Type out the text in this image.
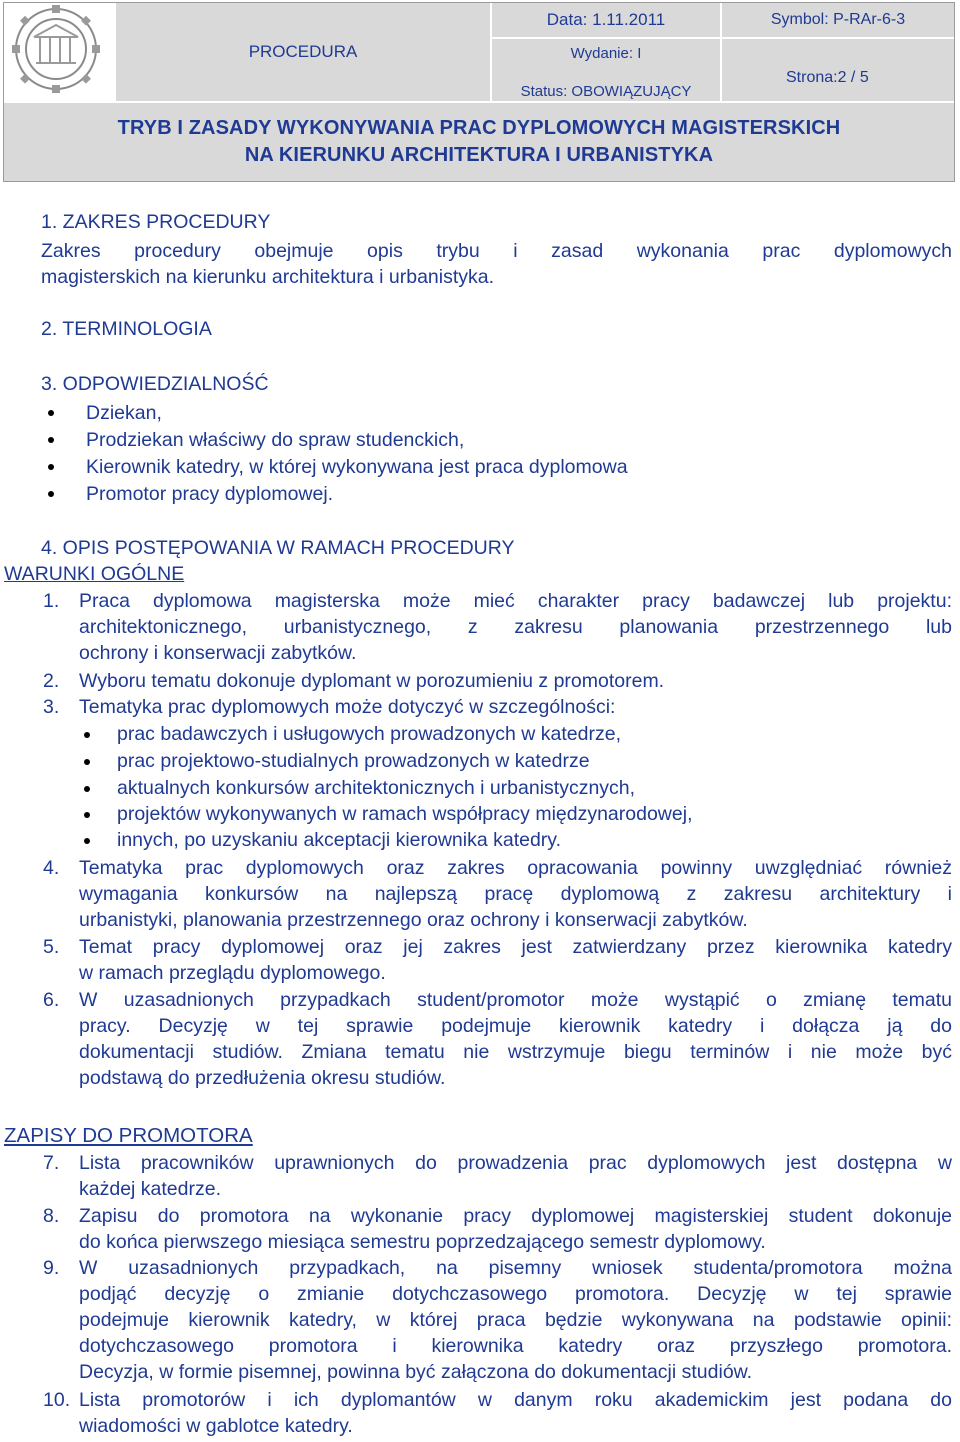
PROCEDURA
Data: 1.11.2011	Symbol: P-RAr-6-3
Wydanie: I
Status: OBOWIĄZUJĄCY
Strona:2 / 5
TRYB I ZASADY WYKONYWANIA PRAC DYPLOMOWYCH MAGISTERSKICH
NA KIERUNKU ARCHITEKTURA I URBANISTYKA
1. ZAKRES PROCEDURY
Zakres procedury obejmuje opis trybu i zasad wykonania prac dyplomowych
magisterskich na kierunku architektura i urbanistyka.
2. TERMINOLOGIA
3. ODPOWIEDZIALNOŚĆ
Dziekan,
Prodziekan właściwy do spraw studenckich,
Kierownik katedry, w której wykonywana jest praca dyplomowa
Promotor pracy dyplomowej.
4. OPIS POSTĘPOWANIA W RAMACH PROCEDURY
WARUNKI OGÓLNE
1. Praca dyplomowa magisterska może mieć charakter pracy badawczej lub projektu:
architektonicznego, urbanistycznego, z zakresu planowania przestrzennego lub
ochrony i konserwacji zabytków.
2. Wyboru tematu dokonuje dyplomant w porozumieniu z promotorem.
3. Tematyka prac dyplomowych może dotyczyć w szczególności:
prac badawczych i usługowych prowadzonych w katedrze,
prac projektowo-studialnych prowadzonych w katedrze
aktualnych konkursów architektonicznych i urbanistycznych,
projektów wykonywanych w ramach współpracy międzynarodowej,
innych, po uzyskaniu akceptacji kierownika katedry.
4. Tematyka prac dyplomowych oraz zakres opracowania powinny uwzględniać również
wymagania konkursów na najlepszą pracę dyplomową z zakresu architektury i
urbanistyki, planowania przestrzennego oraz ochrony i konserwacji zabytków.
5. Temat pracy dyplomowej oraz jej zakres jest zatwierdzany przez kierownika katedry
w ramach przeglądu dyplomowego.
6. W uzasadnionych przypadkach student/promotor może wystąpić o zmianę tematu
pracy. Decyzję w tej sprawie podejmuje kierownik katedry i dołącza ją do
dokumentacji studiów. Zmiana tematu nie wstrzymuje biegu terminów i nie może być
podstawą do przedłużenia okresu studiów.
ZAPISY DO PROMOTORA
7. Lista pracowników uprawnionych do prowadzenia prac dyplomowych jest dostępna w
każdej katedrze.
8. Zapisu do promotora na wykonanie pracy dyplomowej magisterskiej student dokonuje
do końca pierwszego miesiąca semestru poprzedzającego semestr dyplomowy.
9. W uzasadnionych przypadkach, na pisemny wniosek studenta/promotora można
podjąć decyzję o zmianie dotychczasowego promotora. Decyzję w tej sprawie
podejmuje kierownik katedry, w której praca będzie wykonywana na podstawie opinii:
dotychczasowego promotora i kierownika katedry oraz przyszłego promotora.
Decyzja, w formie pisemnej, powinna być załączona do dokumentacji studiów.
10. Lista promotorów i ich dyplomantów w danym roku akademickim jest podana do
wiadomości w gablotce katedry.
